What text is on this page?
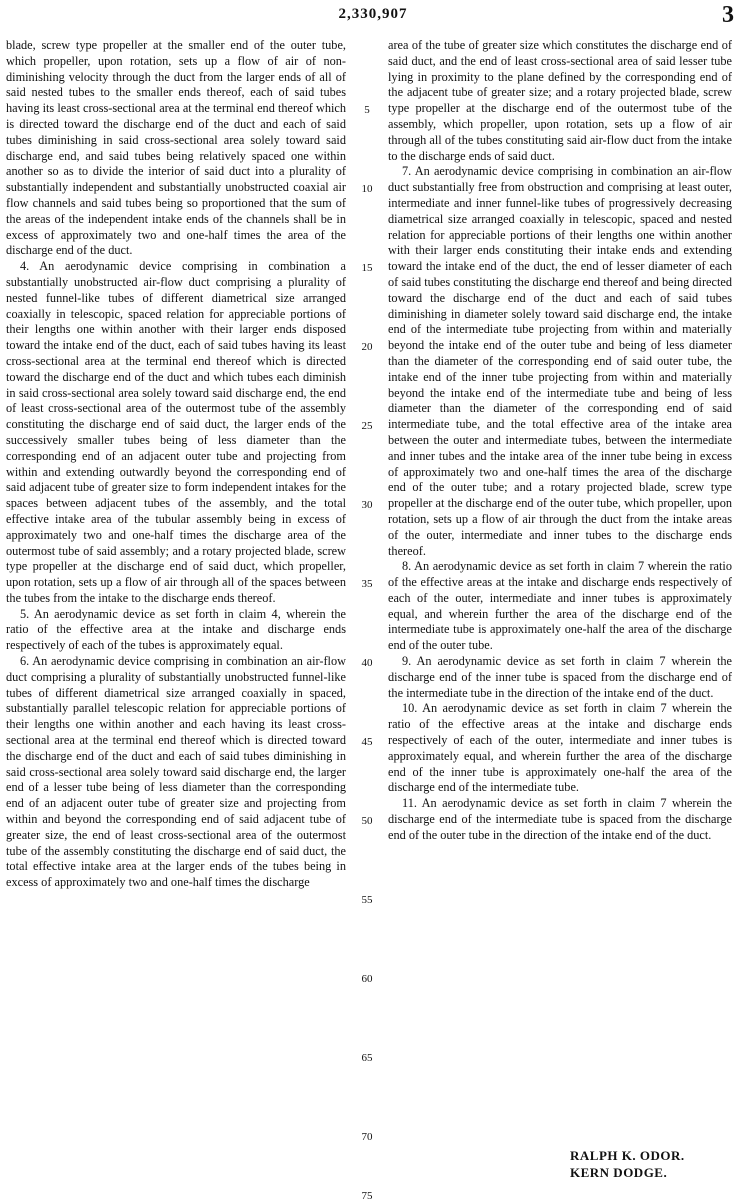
2,330,907	3

blade, screw type propeller at the smaller end of the outer tube, which propeller, upon rotation, sets up a flow of air of non-diminishing velocity through the duct from the larger ends of all of said nested tubes to the smaller ends thereof, each of said tubes having its least cross-sectional area at the terminal end thereof which is directed toward the discharge end of the duct and each of said tubes diminishing in said cross-sectional area solely toward said discharge end, and said tubes being relatively spaced one within another so as to divide the interior of said duct into a plurality of substantially independent and substantially unobstructed coaxial air flow channels and said tubes being so proportioned that the sum of the areas of the independent intake ends of the channels shall be in excess of approximately two and one-half times the area of the discharge end of the duct.

4. An aerodynamic device comprising in combination a substantially unobstructed air-flow duct comprising a plurality of nested funnel-like tubes of different diametrical size arranged coaxially in telescopic, spaced relation for appreciable portions of their lengths one within another with their larger ends disposed toward the intake end of the duct, each of said tubes having its least cross-sectional area at the terminal end thereof which is directed toward the discharge end of the duct and which tubes each diminish in said cross-sectional area solely toward said discharge end, the end of least cross-sectional area of the outermost tube of the assembly constituting the discharge end of said duct, the larger ends of the successively smaller tubes being of less diameter than the corresponding end of an adjacent outer tube and projecting from within and extending outwardly beyond the corresponding end of said adjacent tube of greater size to form independent intakes for the spaces between adjacent tubes of the assembly, and the total effective intake area of the tubular assembly being in excess of approximately two and one-half times the discharge area of the outermost tube of said assembly; and a rotary projected blade, screw type propeller at the discharge end of said duct, which propeller, upon rotation, sets up a flow of air through all of the spaces between the tubes from the intake to the discharge ends thereof.

5. An aerodynamic device as set forth in claim 4, wherein the ratio of the effective area at the intake and discharge ends respectively of each of the tubes is approximately equal.

6. An aerodynamic device comprising in combination an air-flow duct comprising a plurality of substantially unobstructed funnel-like tubes of different diametrical size arranged coaxially in spaced, substantially parallel telescopic relation for appreciable portions of their lengths one within another and each having its least cross-sectional area at the terminal end thereof which is directed toward the discharge end of the duct and each of said tubes diminishing in said cross-sectional area solely toward said discharge end, the larger end of a lesser tube being of less diameter than the corresponding end of an adjacent outer tube of greater size and projecting from within and beyond the corresponding end of said adjacent tube of greater size, the end of least cross-sectional area of the outermost tube of the assembly constituting the discharge end of said duct, the total effective intake area at the larger ends of the tubes being in excess of approximately two and one-half times the discharge

5
10
15
20
25
30
35
40
45
50
55
60
65
70
75

area of the tube of greater size which constitutes the discharge end of said duct, and the end of least cross-sectional area of said lesser tube lying in proximity to the plane defined by the corresponding end of the adjacent tube of greater size; and a rotary projected blade, screw type propeller at the discharge end of the outermost tube of the assembly, which propeller, upon rotation, sets up a flow of air through all of the tubes constituting said air-flow duct from the intake to the discharge ends of said duct.

7. An aerodynamic device comprising in combination an air-flow duct substantially free from obstruction and comprising at least outer, intermediate and inner funnel-like tubes of progressively decreasing diametrical size arranged coaxially in telescopic, spaced and nested relation for appreciable portions of their lengths one within another with their larger ends constituting their intake ends and extending toward the intake end of the duct, the end of lesser diameter of each of said tubes constituting the discharge end thereof and being directed toward the discharge end of the duct and each of said tubes diminishing in diameter solely toward said discharge end, the intake end of the intermediate tube projecting from within and materially beyond the intake end of the outer tube and being of less diameter than the diameter of the corresponding end of said outer tube, the intake end of the inner tube projecting from within and materially beyond the intake end of the intermediate tube and being of less diameter than the diameter of the corresponding end of said intermediate tube, and the total effective area of the intake area between the outer and intermediate tubes, between the intermediate and inner tubes and the intake area of the inner tube being in excess of approximately two and one-half times the area of the discharge end of the outer tube; and a rotary projected blade, screw type propeller at the discharge end of the outer tube, which propeller, upon rotation, sets up a flow of air through the duct from the intake areas of the outer, intermediate and inner tubes to the discharge ends thereof.

8. An aerodynamic device as set forth in claim 7 wherein the ratio of the effective areas at the intake and discharge ends respectively of each of the outer, intermediate and inner tubes is approximately equal, and wherein further the area of the discharge end of the intermediate tube is approximately one-half the area of the discharge end of the outer tube.

9. An aerodynamic device as set forth in claim 7 wherein the discharge end of the inner tube is spaced from the discharge end of the intermediate tube in the direction of the intake end of the duct.

10. An aerodynamic device as set forth in claim 7 wherein the ratio of the effective areas at the intake and discharge ends respectively of each of the outer, intermediate and inner tubes is approximately equal, and wherein further the area of the discharge end of the inner tube is approximately one-half the area of the discharge end of the intermediate tube.

11. An aerodynamic device as set forth in claim 7 wherein the discharge end of the intermediate tube is spaced from the discharge end of the outer tube in the direction of the intake end of the duct.

RALPH K. ODOR.
KERN DODGE.
